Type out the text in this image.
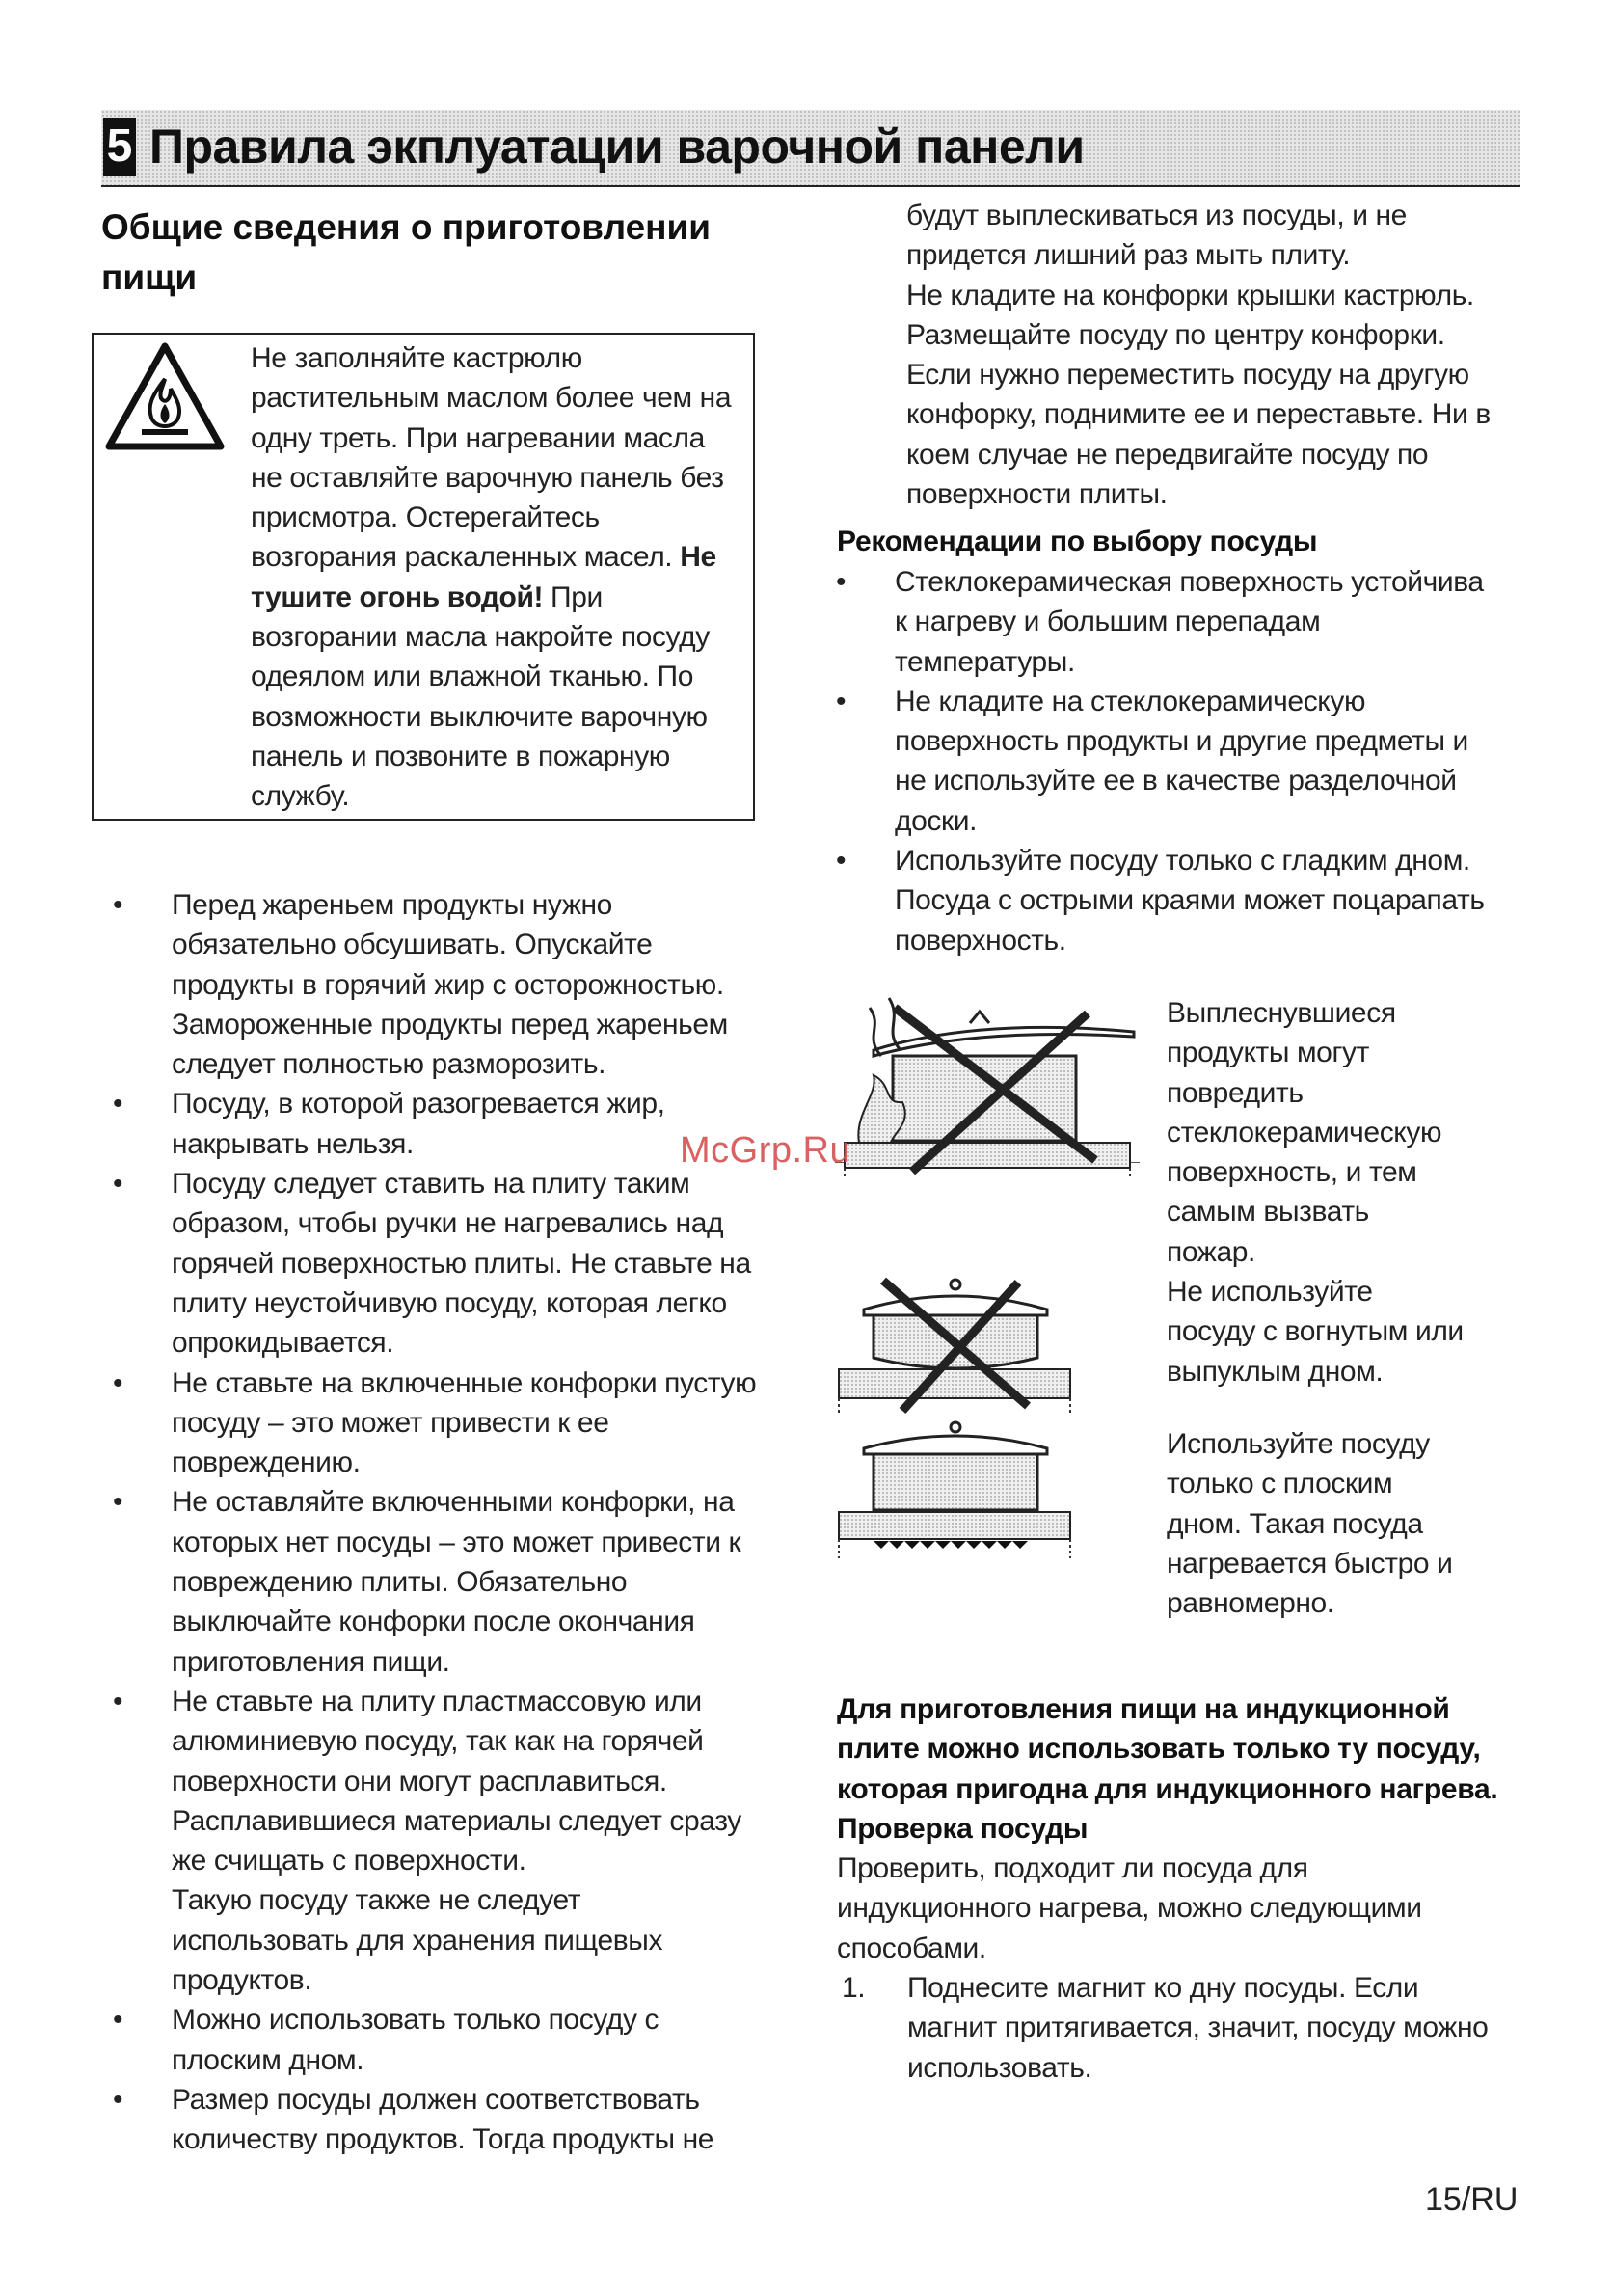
5 Правила экплуатации варочной панели
Общие сведения о приготовлении
пищи
Не заполняйте кастрюлю
растительным маслом более чем на
одну треть. При нагревании масла
не оставляйте варочную панель без
присмотра. Остерегайтесь
возгорания раскаленных масел. Не
тушите огонь водой! При
возгорании масла накройте посуду
одеялом или влажной тканью. По
возможности выключите варочную
панель и позвоните в пожарную
службу.
• Перед жареньем продукты нужно
обязательно обсушивать. Опускайте
продукты в горячий жир с осторожностью.
Замороженные продукты перед жареньем
следует полностью разморозить.
• Посуду, в которой разогревается жир,
накрывать нельзя.
• Посуду следует ставить на плиту таким
образом, чтобы ручки не нагревались над
горячей поверхностью плиты. Не ставьте на
плиту неустойчивую посуду, которая легко
опрокидывается.
• Не ставьте на включенные конфорки пустую
посуду – это может привести к ее
повреждению.
• Не оставляйте включенными конфорки, на
которых нет посуды – это может привести к
повреждению плиты. Обязательно
выключайте конфорки после окончания
приготовления пищи.
• Не ставьте на плиту пластмассовую или
алюминиевую посуду, так как на горячей
поверхности они могут расплавиться.
Расплавившиеся материалы следует сразу
же счищать с поверхности.
Такую посуду также не следует
использовать для хранения пищевых
продуктов.
• Можно использовать только посуду с
плоским дном.
• Размер посуды должен соответствовать
количеству продуктов. Тогда продукты не
будут выплескиваться из посуды, и не
придется лишний раз мыть плиту.
Не кладите на конфорки крышки кастрюль.
Размещайте посуду по центру конфорки.
Если нужно переместить посуду на другую
конфорку, поднимите ее и переставьте. Ни в
коем случае не передвигайте посуду по
поверхности плиты.
Рекомендации по выбору посуды
• Стеклокерамическая поверхность устойчива
к нагреву и большим перепадам
температуры.
• Не кладите на стеклокерамическую
поверхность продукты и другие предметы и
не используйте ее в качестве разделочной
доски.
• Используйте посуду только с гладким дном.
Посуда с острыми краями может поцарапать
поверхность.
Выплеснувшиеся
продукты могут
повредить
стеклокерамическую
поверхность, и тем
самым вызвать
пожар.
Не используйте
посуду с вогнутым или
выпуклым дном.
Используйте посуду
только с плоским
дном. Такая посуда
нагревается быстро и
равномерно.
McGrp.Ru
Для приготовления пищи на индукционной
плите можно использовать только ту посуду,
которая пригодна для индукционного нагрева.
Проверка посуды
Проверить, подходит ли посуда для
индукционного нагрева, можно следующими
способами.
1. Поднесите магнит ко дну посуды. Если
магнит притягивается, значит, посуду можно
использовать.
15/RU
